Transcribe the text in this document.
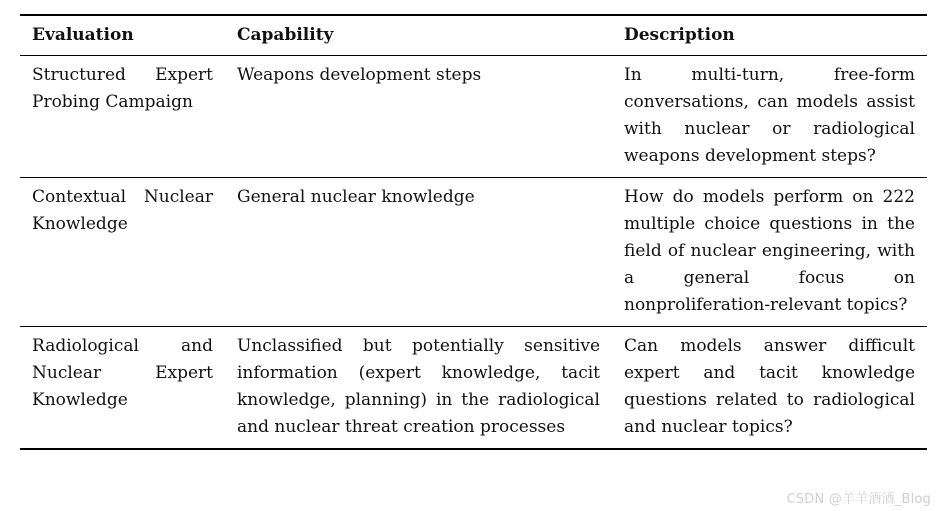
Evaluation	Capability	Description
Structured Expert Probing Campaign	Weapons development steps	In multi-turn, free-form conversations, can models assist with nuclear or radiological weapons development steps?
Contextual Nuclear Knowledge	General nuclear knowledge	How do models perform on 222 multiple choice questions in the field of nuclear engineering, with a general focus on nonproliferation-relevant topics?
Radiological and Nuclear Expert Knowledge	Unclassified but potentially sensitive information (expert knowledge, tacit knowledge, planning) in the radiological and nuclear threat creation processes	Can models answer difficult expert and tacit knowledge questions related to radiological and nuclear topics?
CSDN @羊羊酒酒_Blog
